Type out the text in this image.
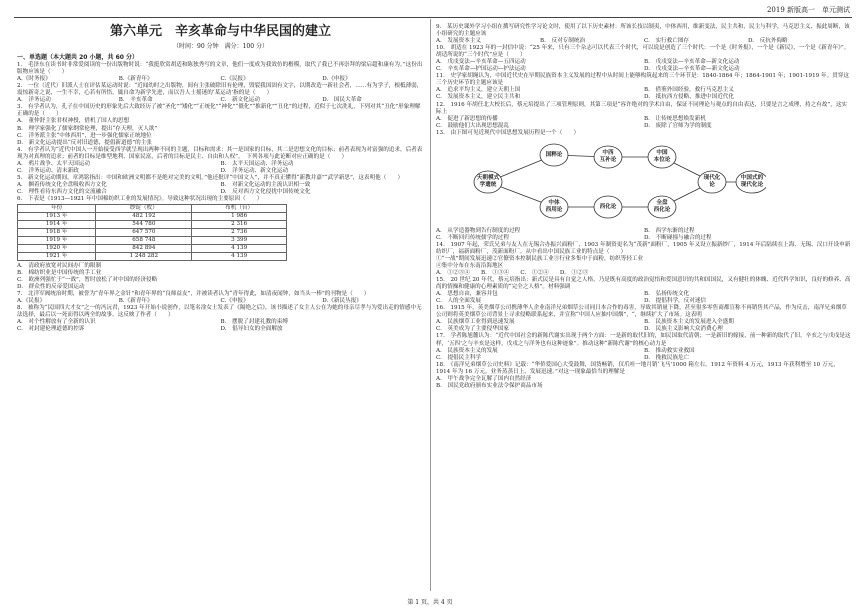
2019 新版高一　单元测试
第六单元　辛亥革命与中华民国的建立
（时间：90 分钟　满分：100 分）
一、单选题（本大题共 20 小题，共 60 分）
1.　毛泽东在读书时非常爱阅读的一份出版物时说：“我挺欣赏胡适和陈独秀写的文章，他们一度成为我效仿的楷模，取代了我已不再崇拜的梁启超和康有为。”这份出版物应该是（　　）
A.《时务报》	B.《新青年》	C.《民报》	D.《申报》
2.　一位（近代）旧派人士在评估某运动时说：“近闻幼时之出版物，间有主张破除旧有伦理，毁裂我国固有文字，以期改造一新社会者，……有为学子，根柢薄弱，震惊新奇之说，一生不幸，心若有所悟，辄自命为新学先进，而以吾人士摇迷的‘某运动’指的是（　　）
A.　洋务运动	B.　辛亥革命	C.　新文化运动	D.　国民大革命
3.　有学者认为，孔子在中国历史的形象先后大致经历了被“圣化”“矮化”“正统化”“神化”“僵化”“推新化”“丑化”的过程，近似于七次洗礼，下列对其“丑化”形象理解正确的是（　　）
A.　董仲舒主张君权神授，借机了国人的思想
B.　理学家强化了儒家纲常伦理，提出“存天理，灭人欲”
C.　洋务派主张“中体西用”，进一步强化儒家正统地位
D.　新文化运动提出“反对旧道德，提倡新道德”的主张
4.　有学者认为“近代中国人一开始接受西学就呈现出两种不同的主题，目标和需求：其一是国家的目标，其二是思想文化的目标；前者表现为对富强的追求，后者表现为对真理的追求；前者的目标是维型地利、国家民富，后者的目标是民主、自由和人权”。　下列各项与此论断对应正确的是（　　）
A.　鸦片战争、太平天国运动	B.　太平天国运动、洋务运动
C.　洋务运动、清末新政	D.　洋务运动、新文化运动
5.　新文化运动期间，章鸿铭指出：中国和欧洲文明都不是绝对完美的文明。”他还批评“中国文人”，并不真正懂得“新教并嘉”“武学新思”，这表明他（　　）
A.　捆着传统文化全盘吸收西方文化	B.　对新文化运动的主流认识相一致
C.　理性看待东西方文化的交流融合	D.　反对西方文化侵扰中国传统文化
6.　下表是《1913—1921 年中国棉纺织工业的发展情况》。导致这种状况出现的主要原因（　　）
年份	纱锭（枚）	布机（台）
1913 年	482 192	1 986
1914 年	544 780	2 316
1918 年	647 570	2 736
1919 年	658 748	3 399
1920 年	842 894	4 139
1921 年	1 248 282	4 139
A.　清政府放宽对民间办厂的限制
B.　棉纺织业是中国传统的手工业
C.　欧洲列强忙于“一战”，暂时放松了对中国的经济侵略
D.　群众性的反帝爱国运动
7.　北洋军阀统治时期，被誉为“青年界之金针”和青年界的“良师益友”，并被读者认为“青年得此，如清夜闻钟，如当头一棒”的刊物是（　　）
A.《民报》	B.《新青年》	C.《申报》	D.《新民丛报》
8.　被称为“民国四大才女”之一的冯沅君，1923 年开始小说创作，以笔名淦女士发表了《隔绝之后》，该书描述了女主人公在为她的母亲尽孝与为爱出走的情感中无法选择，最后以一死而得以两全的故事。这反映了作者（　　）
A.　对个性解放有了全新的认识	B.　摆脱了封建礼教的束缚
C.　对封建伦理道德的控诉	D.　倡导妇女的全面解放
9.　某历史课外学习小组在撰写研究性学习论文时，使用了以下历史素材：所该长技以制夷，中体西用，维新变法，民主共和，民主与科学，马克思主义、振此周断，该小组研究的主题应该
A.　发展资本主义	B.　反对专制统治	C.　实行救亡图存	D.　反抗外侮略
10.　胡适在 1923 年的一封信中说：“25 年来，只有三个杂志可以代表三个时代，可以说是创造了三个时代：一个是《时务报》，一个是《新民》，一个是《新青年》”。胡适所说的“三个时代”应是（　　）
A.　戊戌变法—辛亥革命—五四运动	B.　戊戌变法—辛亥革命—新文化运动
C.　辛亥革命—护国运动—护法运动	D.　戊戌变法—辛亥革命—新文化运动
11.　史学家胡绳认为，中国近代史在早期民族资本主义发展的过程中从时间上能够构筑起来的三个环节是：1840-1864 年；1864-1901 年；1901-1919 年。贯穿这三个历史环节的主题应该是
A.　追求平均主义，建立天朝上国	B.　借鉴外国经验，救行马克思主义
C.　发展资本主义，建立民主共和	D.　抵抗西方侵略，推进中国近代化
12.　1916 年胡任北大校长后，蔡元培提出了三项管理原则，其第三项是“容许绝对的学术自由，保证不同理论与观点的自由表达，只要是言之成理，持之有故”，这实际上
A.　促进了新思想的传播	B.　让传统思想焕发新机
C.　鼓励他们大出现思想混乱	D.　废除了官师为学的制度
13.　由下图可见近现代中国思想发展历程是一个（　　）
天朝模式
学遗统
国粹论	中西
互补论
中体
西用论
西化论
中国
本位论
全盘
西化论
现代化
论
中国式的
现代化论
A.　从学造器物到告行制度的过程	B.　西学东渐的过程
C.　不断回归传统儒学的过程	D.　不断碰撞与融合的过程
14.　1907 年起，荣氏兄弟与友人在无锡合办振兴面粉厂，1903 年制资更名为“茂新”面粉厂，1905 年又设立振新纱厂，1914 年后陆续在上海、无锡、汉口开设申新纺织厂，福新面粉厂，茂新面粉厂。从中看出中国民族工业的特点是（　　）
①“一战”期间发展迅速②官僚资本控制民族工业③行业多集中于面粉，纺织等轻工业
④集中分布在东南沿海地区
A.　①②③④　　B.　①③④　　C.　①②④　　D.　①②③
15.　20 世纪 20 年代，蔡元培指出：新式民是具有自觉之人格，乃是既有高度的政治觉悟和爱国意识的共和国国民，又有健壮的体魄、近代科学知识，良好的修养、高尚的情操和健康的心理素质的“完全之人格”。材料强调
A.　思想自由，兼容并包	B.　弘扬传统文化
C.　人的全面发展	D.　提倡科学，反对迷信
16.　1915 年，英美烟草公司携薄华人企业南洋兄弟烟草公司同日本合作的毒害，导致其销量下降，甚至很多零售商都宣称不再销售其产品，作为反击，南洋兄弟烟草公司则将英美烟草公司背景上寻求侵略联系起来，并宣称“中国人应抽中国烟”，“，继续扩大了市场。这表明
A.　民族烟草工业得到迅速发展	B.　民族资本主义的发展进入全盛期
C.　英美成为了主要侵华国家	D.　民族主义影响大众消费心理
17.　学者陈旭麓认为：“近代中国社会的新陈代谢实出现于两个方面：一是新的取代旧的，如民国取代清朝；一是新旧的嫁接，前一种新的取代了旧，辛亥之与戊戌是这样，‘五四’之与辛亥是这样，戊戌之与洋务也有这种迹象”。推动这种“新陈代谢”的核心动力是
A.　民族资本主义的发展	B.　推动救实业救国
C.　提倡民主科学	D.　挽救民族危亡
18.　《南洋兄弟烟草公司史料》记载：“华侨爱国心大受鼓舞，国货畅销，仅爪哇一地月销‘飞马’1000 箱左右。1912 年资料 4 万元，1913 年获利增至 10 万元，1914 年为 16 万元，业务蒸蒸日上，发展迅速。”对这一现象最恰当的理解是
A.　甲午战争完全瓦解了国内自然经济
B.　国民党政府颁布实业法令保护商品市场
第 1 页，共 4 页
